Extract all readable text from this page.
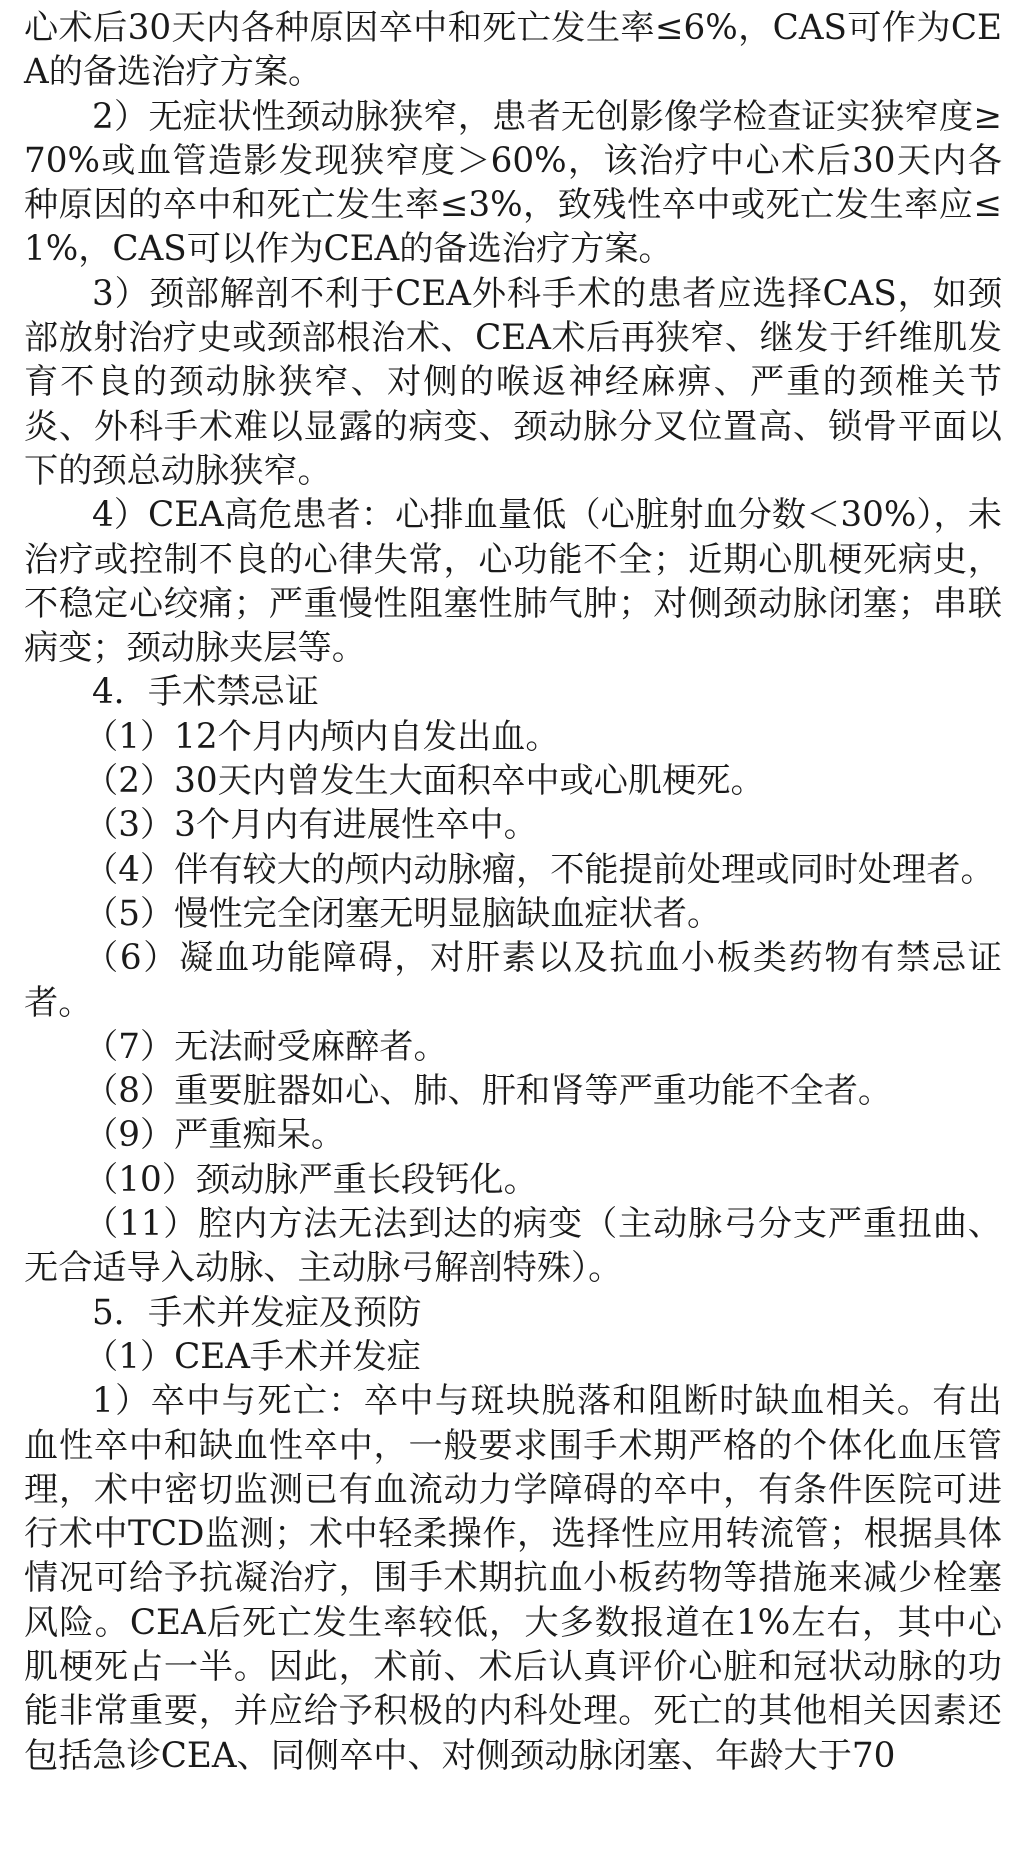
心术后30天内各种原因卒中和死亡发生率≤6%，CAS可作为CEA的备选治疗方案。

2）无症状性颈动脉狭窄，患者无创影像学检查证实狭窄度≥70%或血管造影发现狭窄度＞60%，该治疗中心术后30天内各种原因的卒中和死亡发生率≤3%，致残性卒中或死亡发生率应≤1%，CAS可以作为CEA的备选治疗方案。

3）颈部解剖不利于CEA外科手术的患者应选择CAS，如颈部放射治疗史或颈部根治术、CEA术后再狭窄、继发于纤维肌发育不良的颈动脉狭窄、对侧的喉返神经麻痹、严重的颈椎关节炎、外科手术难以显露的病变、颈动脉分叉位置高、锁骨平面以下的颈总动脉狭窄。

4）CEA高危患者：心排血量低（心脏射血分数＜30%），未治疗或控制不良的心律失常，心功能不全；近期心肌梗死病史，不稳定心绞痛；严重慢性阻塞性肺气肿；对侧颈动脉闭塞；串联病变；颈动脉夹层等。

4．手术禁忌证

（1）12个月内颅内自发出血。

（2）30天内曾发生大面积卒中或心肌梗死。

（3）3个月内有进展性卒中。

（4）伴有较大的颅内动脉瘤，不能提前处理或同时处理者。

（5）慢性完全闭塞无明显脑缺血症状者。

（6）凝血功能障碍，对肝素以及抗血小板类药物有禁忌证者。

（7）无法耐受麻醉者。

（8）重要脏器如心、肺、肝和肾等严重功能不全者。

（9）严重痴呆。

（10）颈动脉严重长段钙化。

（11）腔内方法无法到达的病变（主动脉弓分支严重扭曲、无合适导入动脉、主动脉弓解剖特殊）。

5．手术并发症及预防

（1）CEA手术并发症

1）卒中与死亡：卒中与斑块脱落和阻断时缺血相关。有出血性卒中和缺血性卒中，一般要求围手术期严格的个体化血压管理，术中密切监测已有血流动力学障碍的卒中，有条件医院可进行术中TCD监测；术中轻柔操作，选择性应用转流管；根据具体情况可给予抗凝治疗，围手术期抗血小板药物等措施来减少栓塞风险。CEA后死亡发生率较低，大多数报道在1%左右，其中心肌梗死占一半。因此，术前、术后认真评价心脏和冠状动脉的功能非常重要，并应给予积极的内科处理。死亡的其他相关因素还包括急诊CEA、同侧卒中、对侧颈动脉闭塞、年龄大于70
